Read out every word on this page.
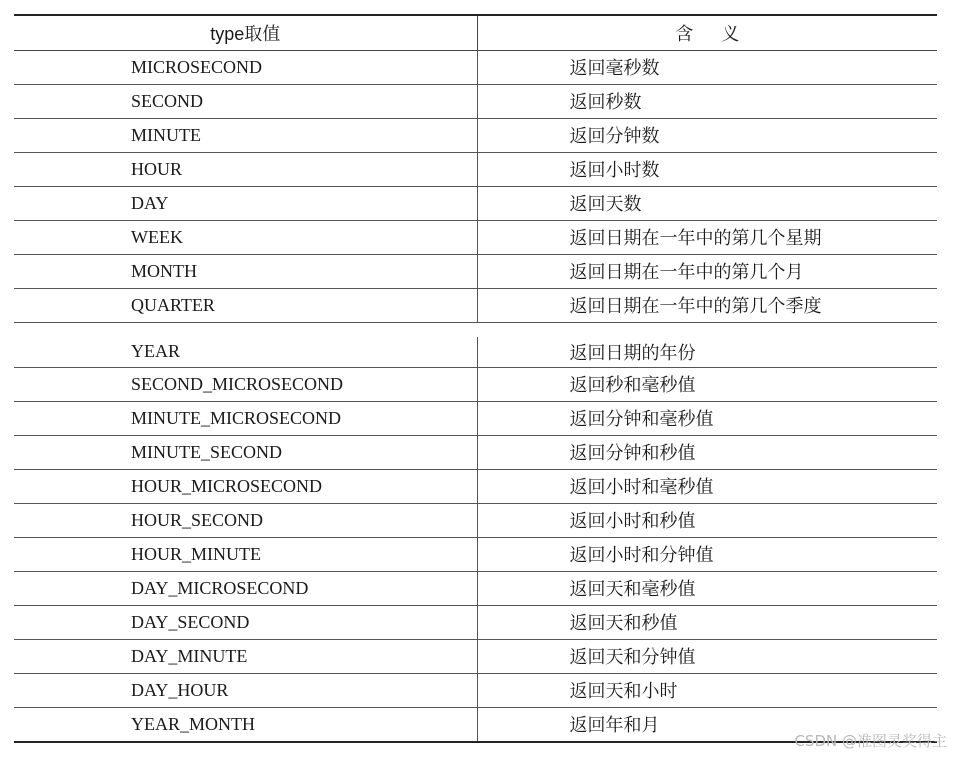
type取值	含义
MICROSECOND	返回毫秒数
SECOND	返回秒数
MINUTE	返回分钟数
HOUR	返回小时数
DAY	返回天数
WEEK	返回日期在一年中的第几个星期
MONTH	返回日期在一年中的第几个月
QUARTER	返回日期在一年中的第几个季度

YEAR	返回日期的年份
SECOND_MICROSECOND	返回秒和毫秒值
MINUTE_MICROSECOND	返回分钟和毫秒值
MINUTE_SECOND	返回分钟和秒值
HOUR_MICROSECOND	返回小时和毫秒值
HOUR_SECOND	返回小时和秒值
HOUR_MINUTE	返回小时和分钟值
DAY_MICROSECOND	返回天和毫秒值
DAY_SECOND	返回天和秒值
DAY_MINUTE	返回天和分钟值
DAY_HOUR	返回天和小时
YEAR_MONTH	返回年和月
CSDN @准图灵奖得主
